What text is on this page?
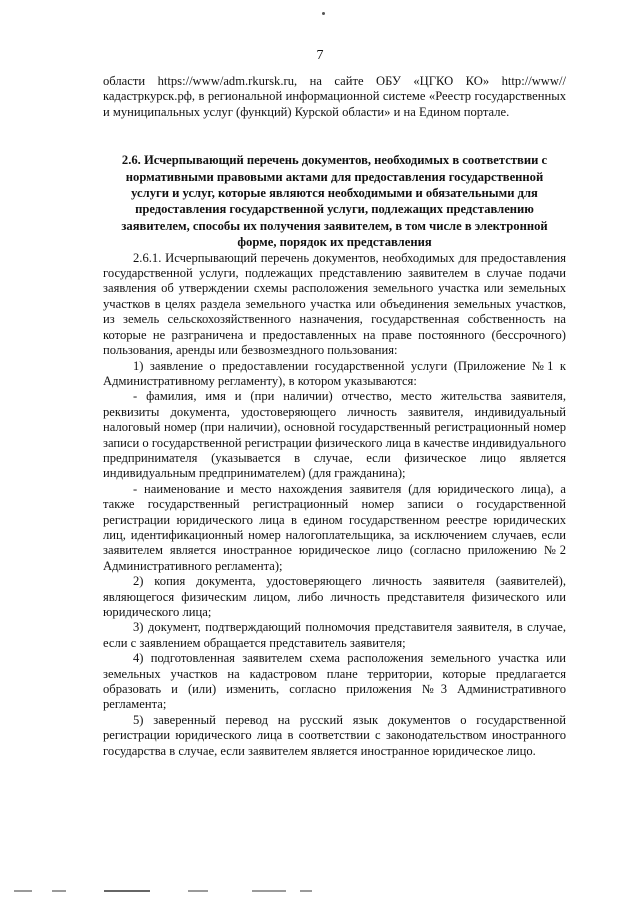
7

области https://www/adm.rkursk.ru, на сайте ОБУ «ЦГКО КО» http://www//кадастркурск.рф, в региональной информационной системе «Реестр государственных и муниципальных услуг (функций) Курской области» и на Едином портале.

2.6. Исчерпывающий перечень документов, необходимых в соответствии с
нормативными правовыми актами для предоставления государственной
услуги и услуг, которые являются необходимыми и обязательными для
предоставления государственной услуги, подлежащих представлению
заявителем, способы их получения заявителем, в том числе в электронной
форме, порядок их представления

2.6.1. Исчерпывающий перечень документов, необходимых для предоставления государственной услуги, подлежащих представлению заявителем в случае подачи заявления об утверждении схемы расположения земельного участка или земельных участков в целях раздела земельного участка или объединения земельных участков, из земель сельскохозяйственного назначения, государственная собственность на которые не разграничена и предоставленных на праве постоянного (бессрочного) пользования, аренды или безвозмездного пользования:

1) заявление о предоставлении государственной услуги (Приложение №1 к Административному регламенту), в котором указываются:

- фамилия, имя и (при наличии) отчество, место жительства заявителя, реквизиты документа, удостоверяющего личность заявителя, индивидуальный налоговый номер (при наличии), основной государственный регистрационный номер записи о государственной регистрации физического лица в качестве индивидуального предпринимателя (указывается в случае, если физическое лицо является индивидуальным предпринимателем) (для гражданина);

- наименование и место нахождения заявителя (для юридического лица), а также государственный регистрационный номер записи о государственной регистрации юридического лица в едином государственном реестре юридических лиц, идентификационный номер налогоплательщика, за исключением случаев, если заявителем является иностранное юридическое лицо (согласно приложению №2 Административного регламента);

2) копия документа, удостоверяющего личность заявителя (заявителей), являющегося физическим лицом, либо личность представителя физического или юридического лица;

3) документ, подтверждающий полномочия представителя заявителя, в случае, если с заявлением обращается представитель заявителя;

4) подготовленная заявителем схема расположения земельного участка или земельных участков на кадастровом плане территории, которые предлагается образовать и (или) изменить, согласно приложения №3 Административного регламента;

5) заверенный перевод на русский язык документов о государственной регистрации юридического лица в соответствии с законодательством иностранного государства в случае, если заявителем является иностранное юридическое лицо.
